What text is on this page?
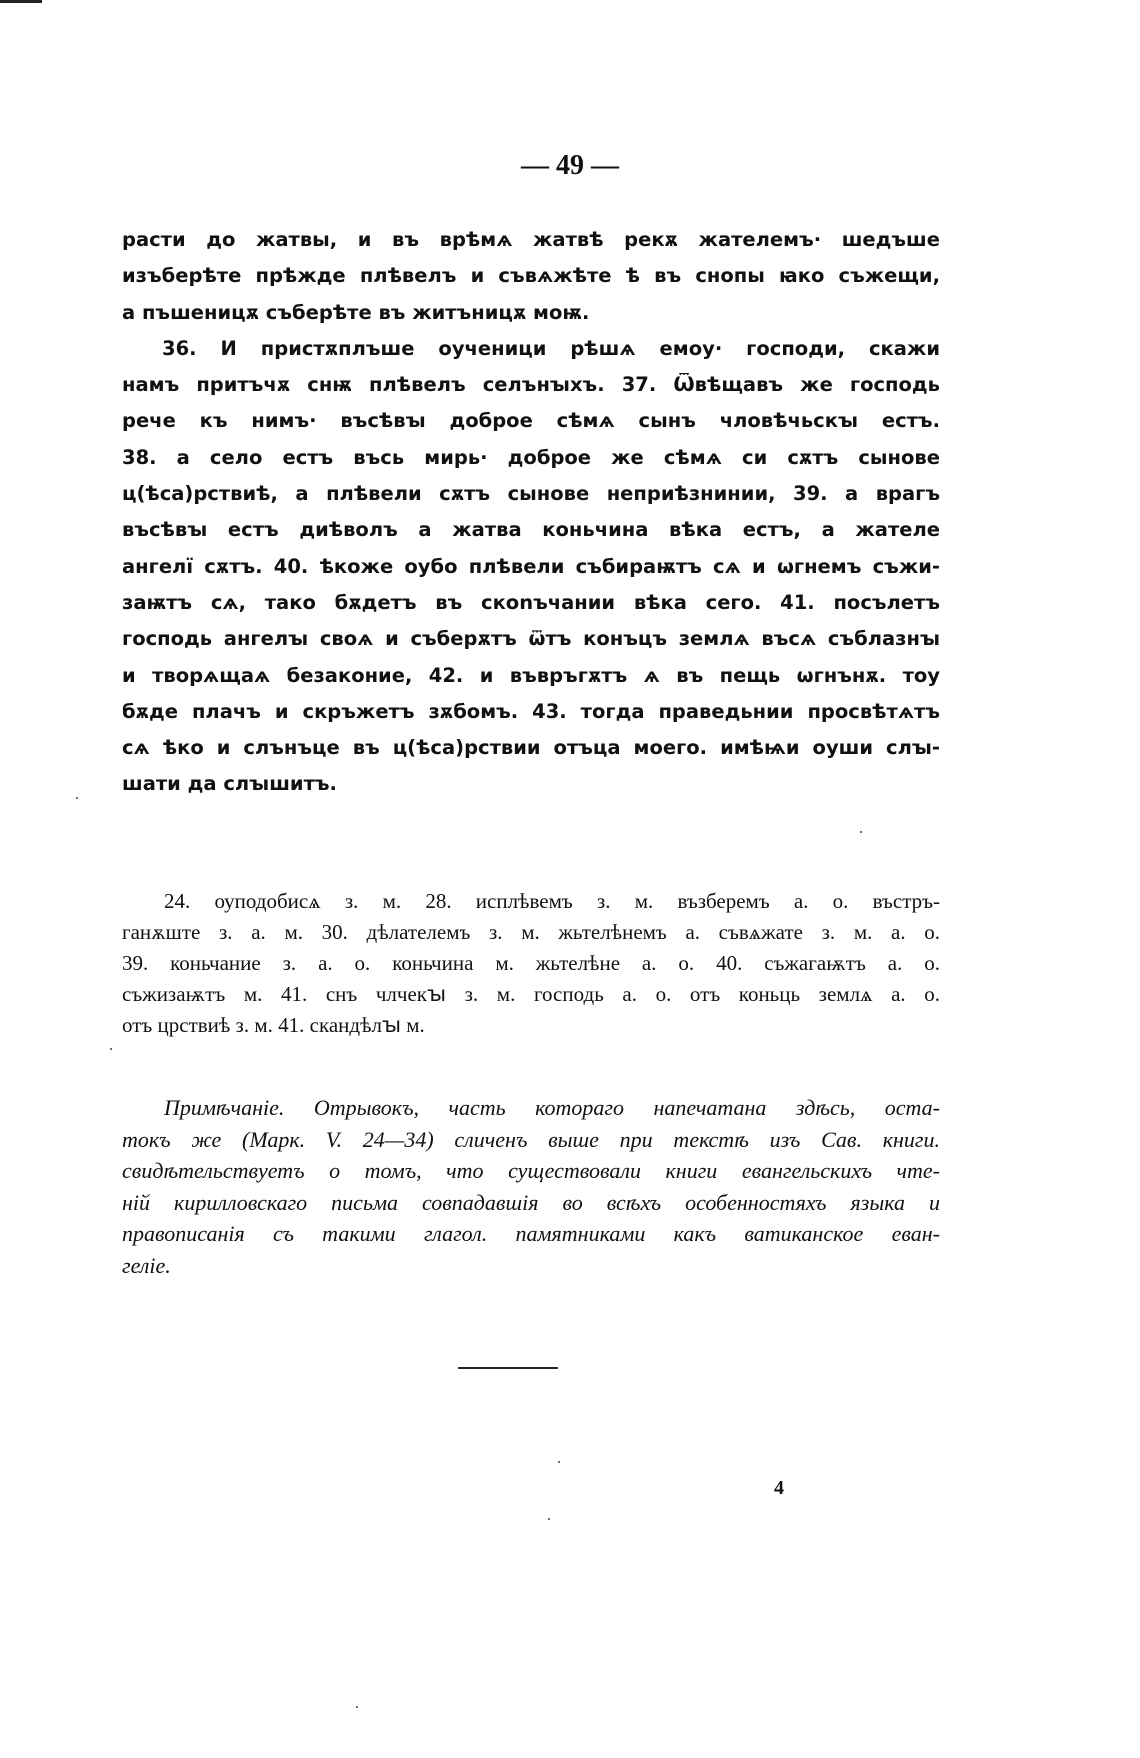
— 49 —

расти до жатвы, и въ врѣмѧ жатвѣ рекѫ жателемъ· шедъше
изъберѣте прѣжде плѣвелъ и съвѧжѣте ѣ въ снопы ꙗко съжещи,
а пъшеницѫ съберѣте въ житъницѫ моѭ.

36. И пристѫплъше оученици рѣшѧ емоу· господи, скажи
намъ притъчѫ снѭ плѣвелъ селънꙑхъ. 37. Ѿвѣщавъ же господь
рече къ нимъ· въсѣвꙑ доброе сѣмѧ сынъ чловѣчьскꙑ естъ.
38. а село естъ въсь мирь· доброе же сѣмѧ си сѫтъ сынове
ц(ѣса)рствиѣ, а плѣвели сѫтъ сынове неприѣзнинии, 39. а врагъ
въсѣвꙑ естъ диѣволъ а жатва коньчина вѣка естъ, а жателе
ангелї сѫтъ. 40. ѣкоже оубо плѣвели събираѭтъ сѧ и ѡгнемъ съжи-
заѭтъ сѧ, тако бѫдетъ въ скоnъчании вѣка сего. 41. посълетъ
господь ангелꙑ своѧ и съберѫтъ ѿтъ конъцъ землѧ въсѧ съблазнꙑ
и творѧщаѧ безаконие, 42. и въвръгѫтъ ѧ въ пещь ѡгнънѫ. тоу
бѫде плачъ и скръжетъ зѫбомъ. 43. тогда праведьнии просвѣтѧтъ
сѧ ѣко и слънъце въ ц(ѣса)рствии отъца моего. имѣѩи оуши слꙑ-
шати да слꙑшитъ.

24. оуподобисѧ з. м. 28. исплѣвемъ з. м. възберемъ а. о. въстръ-
ганѫште з. а. м. 30. дѣлателемъ з. м. жьтелѣнемъ а. съвѧжате з. м. а. о.
39. коньчание з. а. о. коньчина м. жьтелѣне а. о. 40. съжагаѭтъ а. о.
съжизаѭтъ м. 41. снъ члчекꙑ з. м. господь а. о. отъ коньць землѧ а. о.
отъ црствиѣ з. м. 41. скандѣлꙑ м.
Примѣчаніе. Отрывокъ, часть котораго напечатана здѣсь, оста-
токъ же (Марк. V. 24—34) сличенъ выше при текстѣ изъ Сав. книги.
свидѣтельствуетъ о томъ, что существовали книги евангельскихъ чте-
ній кирилловскаго письма совпадавшія во всѣхъ особенностяхъ языка и
правописанія съ такими глагол. памятниками какъ ватиканское еван-
геліе.
4
